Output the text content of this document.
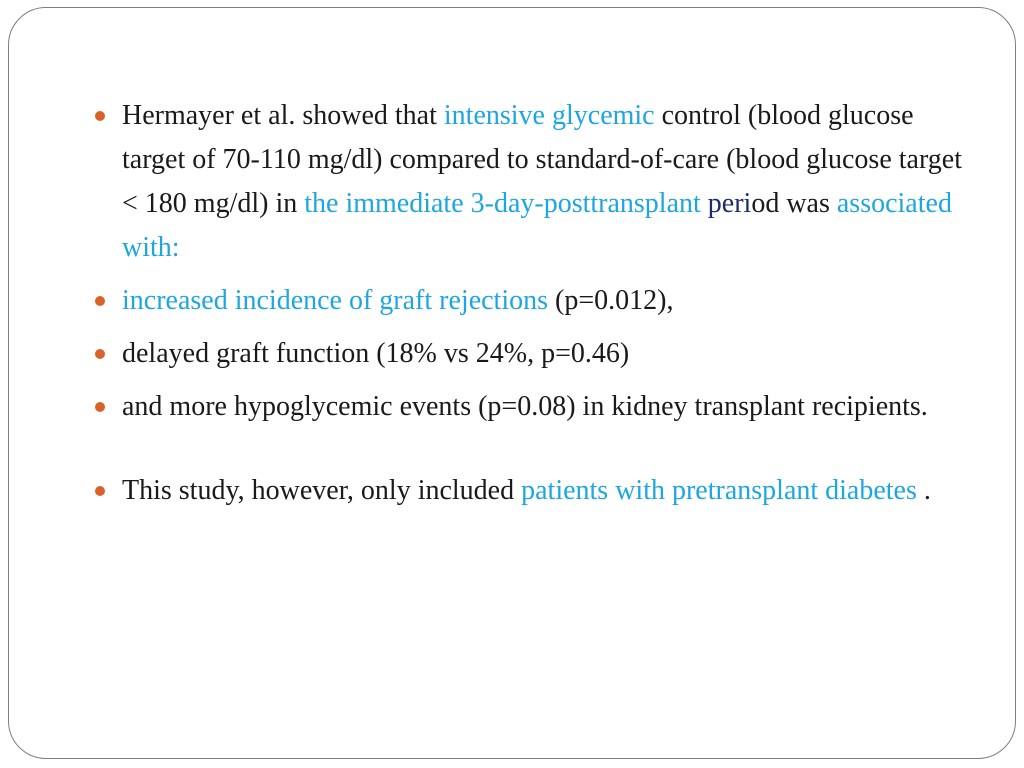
Hermayer et al. showed that intensive glycemic control (blood glucose target of 70-110 mg/dl) compared to standard-of-care (blood glucose target < 180 mg/dl) in the immediate 3-day-posttransplant period was associated with:
increased incidence of graft rejections (p=0.012),
delayed graft function (18% vs 24%, p=0.46)
and more hypoglycemic events (p=0.08) in kidney transplant recipients.
This study, however, only included patients with pretransplant diabetes .
